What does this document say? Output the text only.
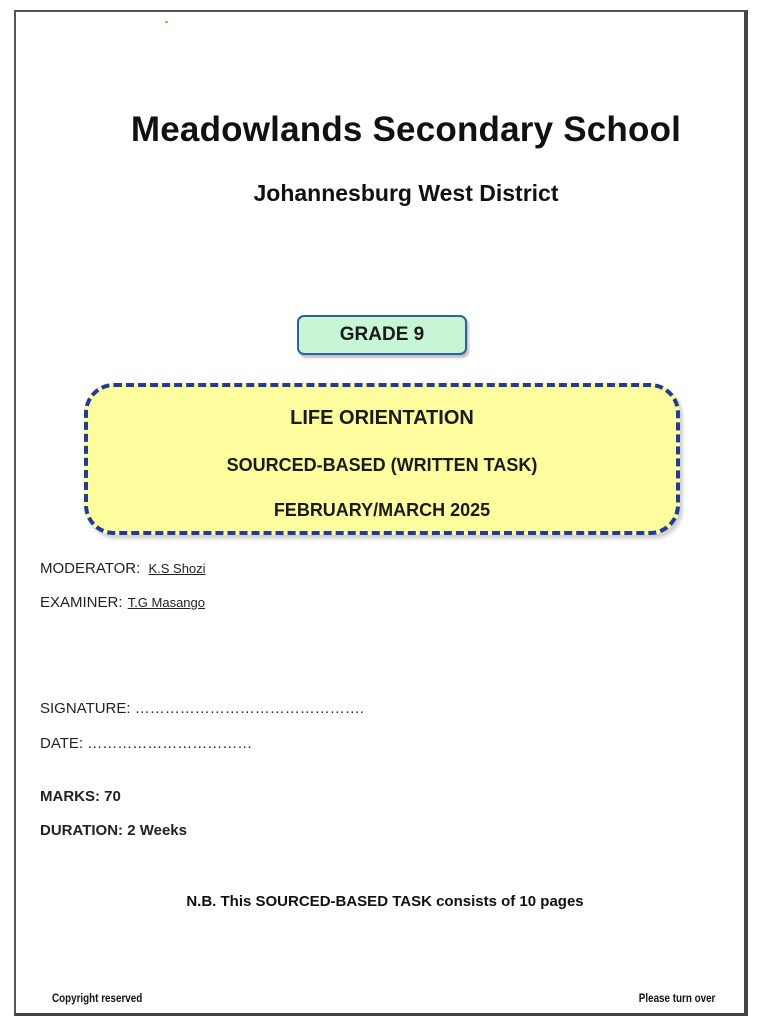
Meadowlands Secondary School
Johannesburg West District
GRADE 9
LIFE ORIENTATION
SOURCED-BASED (WRITTEN TASK)
FEBRUARY/MARCH 2025
MODERATOR: K.S Shozi
EXAMINER: T.G Masango
SIGNATURE: ……………………………………….
DATE: ……………………………
MARKS: 70
DURATION: 2 Weeks
N.B. This SOURCED-BASED TASK consists of 10 pages
Copyright reserved	Please turn over
